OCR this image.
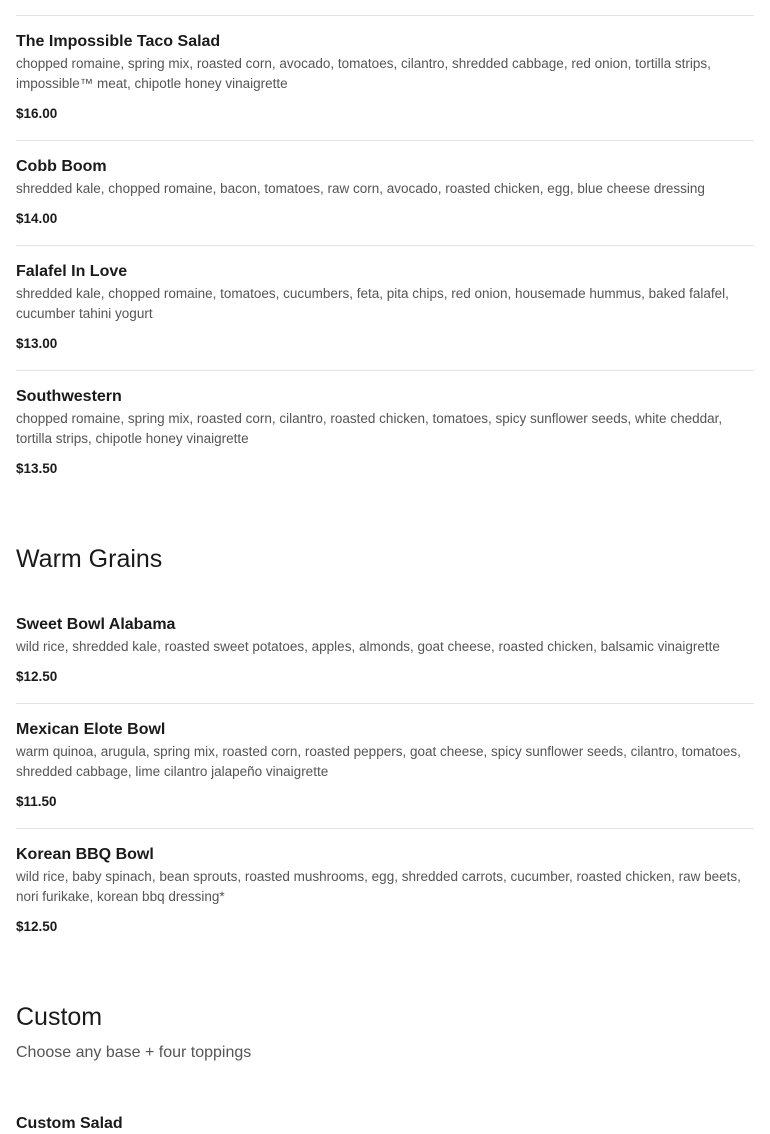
The Impossible Taco Salad
chopped romaine, spring mix, roasted corn, avocado, tomatoes, cilantro, shredded cabbage, red onion, tortilla strips, impossible™ meat, chipotle honey vinaigrette
$16.00
Cobb Boom
shredded kale, chopped romaine, bacon, tomatoes, raw corn, avocado, roasted chicken, egg, blue cheese dressing
$14.00
Falafel In Love
shredded kale, chopped romaine, tomatoes, cucumbers, feta, pita chips, red onion, housemade hummus, baked falafel, cucumber tahini yogurt
$13.00
Southwestern
chopped romaine, spring mix, roasted corn, cilantro, roasted chicken, tomatoes, spicy sunflower seeds, white cheddar, tortilla strips, chipotle honey vinaigrette
$13.50
Warm Grains
Sweet Bowl Alabama
wild rice, shredded kale, roasted sweet potatoes, apples, almonds, goat cheese, roasted chicken, balsamic vinaigrette
$12.50
Mexican Elote Bowl
warm quinoa, arugula, spring mix, roasted corn, roasted peppers, goat cheese, spicy sunflower seeds, cilantro, tomatoes, shredded cabbage, lime cilantro jalapeño vinaigrette
$11.50
Korean BBQ Bowl
wild rice, baby spinach, bean sprouts, roasted mushrooms, egg, shredded carrots, cucumber, roasted chicken, raw beets, nori furikake, korean bbq dressing*
$12.50
Custom
Choose any base + four toppings
Custom Salad
